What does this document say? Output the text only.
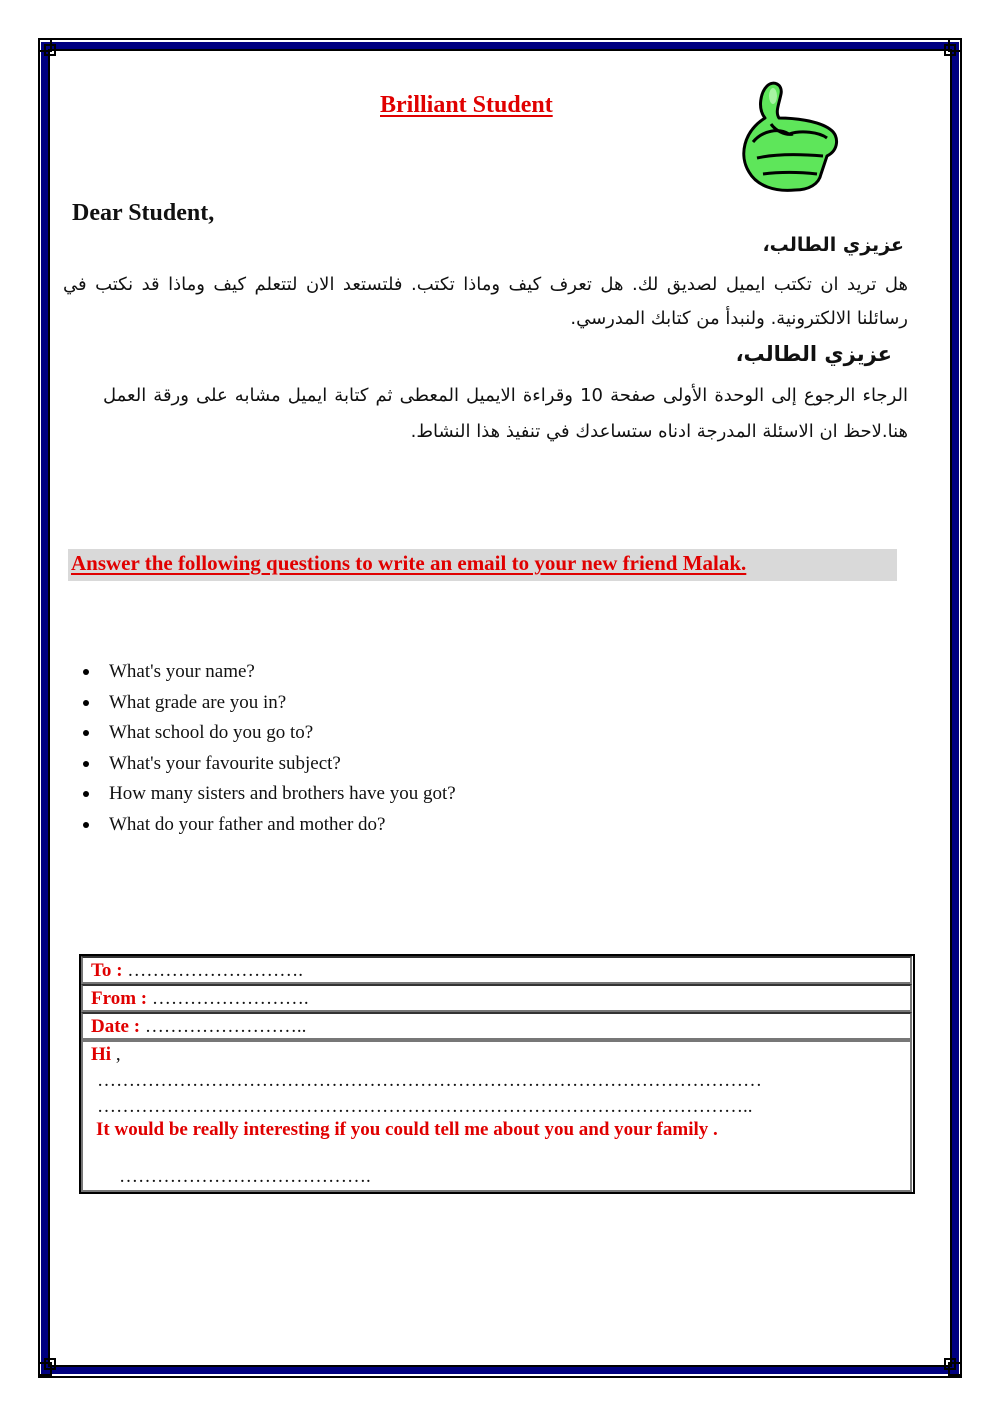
Brilliant Student
Dear Student,
عزيزي الطالب،
هل تريد ان تكتب ايميل لصديق لك. هل تعرف كيف وماذا تكتب. فلتستعد الان لتتعلم كيف وماذا قد نكتب في رسائلنا الالكترونية. ولنبدأ من كتابك المدرسي.
عزيزي الطالب،
الرجاء الرجوع إلى الوحدة الأولى صفحة 10 وقراءة الايميل المعطى ثم كتابة ايميل مشابه على ورقة العمل هنا.لاحظ ان الاسئلة المدرجة ادناه ستساعدك في تنفيذ هذا النشاط.
Answer the following questions to write an email to your new friend Malak.
What's your name?
What grade are you in?
What school do you go to?
What's your favourite subject?
How many sisters and brothers have you got?
What do your father and mother do?
To : ……………………….
From : …………………….
Date : ……………………..
Hi ,
……………………………………………………………………………………………
…………………………………………………………………………………………..
It would be really interesting if you could tell me about you and your family .
………………………………….
